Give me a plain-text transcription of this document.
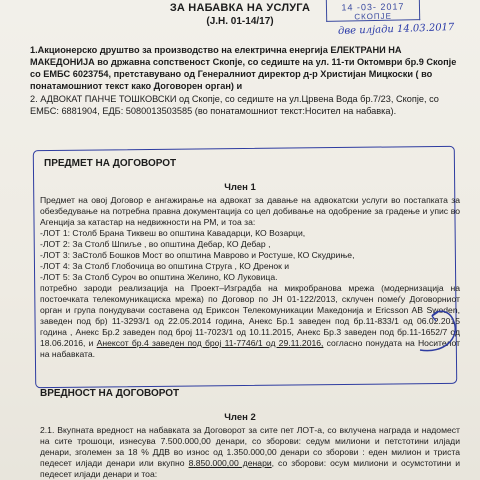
ЗА НАБАВКА НА УСЛУГА
(Ј.Н. 01-14/17)
14 -03- 2017
СКОПЈЕ
две илјади 14.03.2017

1.Акционерско друштво за производство на електрична енергија ЕЛЕКТРАНИ НА МАКЕДОНИЈА во државна сопственост Скопје, со седиште на ул. 11-ти Октомври бр.9 Скопје со ЕМБС 6023754, претставувано од Генералниот директор д-р Христијан Мицкоски ( во понатамошниот текст како Договорен орган) и

2. АДВОКАТ ПАНЧЕ ТОШКОВСКИ од Скопје, со седиште на ул.Црвена Вода бр.7/23, Скопје, со ЕМБС: 6881904, ЕДБ: 5080013503585 (во понатамошниот текст:Носител на набавка).

ПРЕДМЕТ НА ДОГОВОРОТ
Член 1

Предмет на овој Договор е ангажирање на адвокат за давање на адвокатски услуги во постапката за обезбедување на потребна правна документација со цел добивање на одобрение за градење и упис во Агенција за катастар на недвижности на РМ, и тоа за:

-ЛОТ 1: Столб Брана Тиквеш во општина Кавадарци, КО Возарци,
-ЛОТ 2: За Столб Шпиље , во општина Дебар, КО Дебар ,
-ЛОТ 3: ЗаСтолб Бошков Мост во општина Маврово и Ростуше, КО Скудриње,
-ЛОТ 4: За Столб Глобочица во општина Струга , КО Дренок и
-ЛОТ 5: За Столб Суроч во општина Желино, КО Луковица.

потребно зароди реализација на Проект–Изградба на микробранова мрежа (модернизација на постоечката телекомуникациска мрежа) по Договор по ЈН 01-122/2013, склучен помеѓу Договорниот орган и група понудувачи составена од Ериксон Телекомуникации Македонија и Ericsson AB Sweden, заведен под бр) 11-3293/1 од 22.05.2014 година, Анекс Бр.1 заведен под бр.11-833/1 од 06.02.2015 година , Анекс Бр.2 заведен под број 11-7023/1 од 10.11.2015, Анекс Бр.3 заведен под бр.11-1652/7 од 18.06.2016, и Анексот бр.4 заведен под број 11-7746/1 од 29.11.2016, согласно понудата на Носителот на набавката.

ВРЕДНОСТ НА ДОГОВОРОТ
Член 2

2.1. Вкупната вредност на набавката за Договорот за сите пет ЛОТ-а, со вклучена награда и надомест на сите трошоци, изнесува 7.500.000,00 денари, со зборови: седум милиони и петстотини илјади денари, зголемен за 18 % ДДВ во износ од 1.350.000,00 денари со зборови : еден милион и триста педесет илјади денари или вкупно 8.850.000,00 денари, со зборови: осум милиони и осумстотини и педесет илјади денари и тоа:
